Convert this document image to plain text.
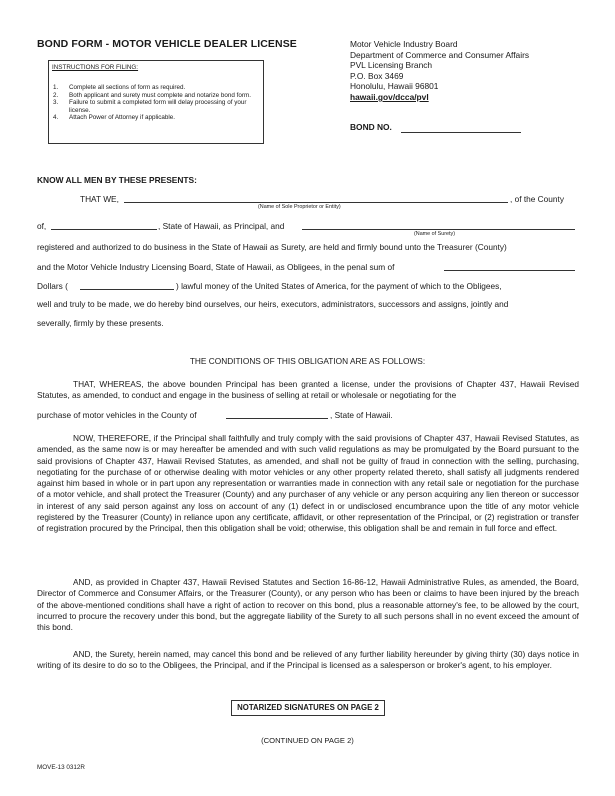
BOND FORM - MOTOR VEHICLE DEALER LICENSE	Motor Vehicle Industry Board
Department of Commerce and Consumer Affairs
PVL Licensing Branch
P.O. Box 3469
Honolulu, Hawaii 96801
hawaii.gov/dcca/pvl
INSTRUCTIONS FOR FILING:
1.	Complete all sections of form as required.
2.	Both applicant and surety must complete and notarize bond form.
3.	Failure to submit a completed form will delay processing of your license.
4.	Attach Power of Attorney if applicable.
BOND NO.
KNOW ALL MEN BY THESE PRESENTS:
THAT WE,	, of the County
(Name of Sole Proprietor or Entity)
of,	, State of Hawaii, as Principal, and
(Name of Surety)
registered and authorized to do business in the State of Hawaii as Surety, are held and firmly bound unto the Treasurer (County)
and the Motor Vehicle Industry Licensing Board, State of Hawaii, as Obligees, in the penal sum of
Dollars (	) lawful money of the United States of America, for the payment of which to the Obligees,
well and truly to be made, we do hereby bind ourselves, our heirs, executors, administrators, successors and assigns, jointly and
severally, firmly by these presents.
THE CONDITIONS OF THIS OBLIGATION ARE AS FOLLOWS:
THAT, WHEREAS, the above bounden Principal has been granted a license, under the provisions of Chapter 437, Hawaii Revised Statutes, as amended, to conduct and engage in the business of selling at retail or wholesale or negotiating for the
purchase of motor vehicles in the County of	, State of Hawaii.
NOW, THEREFORE, if the Principal shall faithfully and truly comply with the said provisions of Chapter 437, Hawaii Revised Statutes, as amended, as the same now is or may hereafter be amended and with such valid regulations as may be promulgated by the Board pursuant to the said provisions of Chapter 437, Hawaii Revised Statutes, as amended, and shall not be guilty of fraud in connection with the selling, purchasing, negotiating for the purchase of or otherwise dealing with motor vehicles or any other property related thereto, shall satisfy all judgments rendered against him based in whole or in part upon any representation or warranties made in connection with any retail sale or negotiation for the purchase of a motor vehicle, and shall protect the Treasurer (County) and any purchaser of any vehicle or any person acquiring any lien thereon or successor in interest of any said person against any loss on account of any (1) defect in or undisclosed encumbrance upon the title of any motor vehicle registered by the Treasurer (County) in reliance upon any certificate, affidavit, or other representation of the Principal, or (2) registration or transfer of registration procured by the Principal, then this obligation shall be void; otherwise, this obligation shall be and remain in full force and effect.
AND, as provided in Chapter 437, Hawaii Revised Statutes and Section 16-86-12, Hawaii Administrative Rules, as amended, the Board, Director of Commerce and Consumer Affairs, or the Treasurer (County), or any person who has been or claims to have been injured by the breach of the above-mentioned conditions shall have a right of action to recover on this bond, plus a reasonable attorney's fee, to be allowed by the court, incurred to procure the recovery under this bond, but the aggregate liability of the Surety to all such persons shall in no event exceed the amount of this bond.
AND, the Surety, herein named, may cancel this bond and be relieved of any further liability hereunder by giving thirty (30) days notice in writing of its desire to do so to the Obligees, the Principal, and if the Principal is licensed as a salesperson or broker's agent, to his employer.
NOTARIZED SIGNATURES ON PAGE 2
(CONTINUED ON PAGE 2)
MOVE-13 0312R
